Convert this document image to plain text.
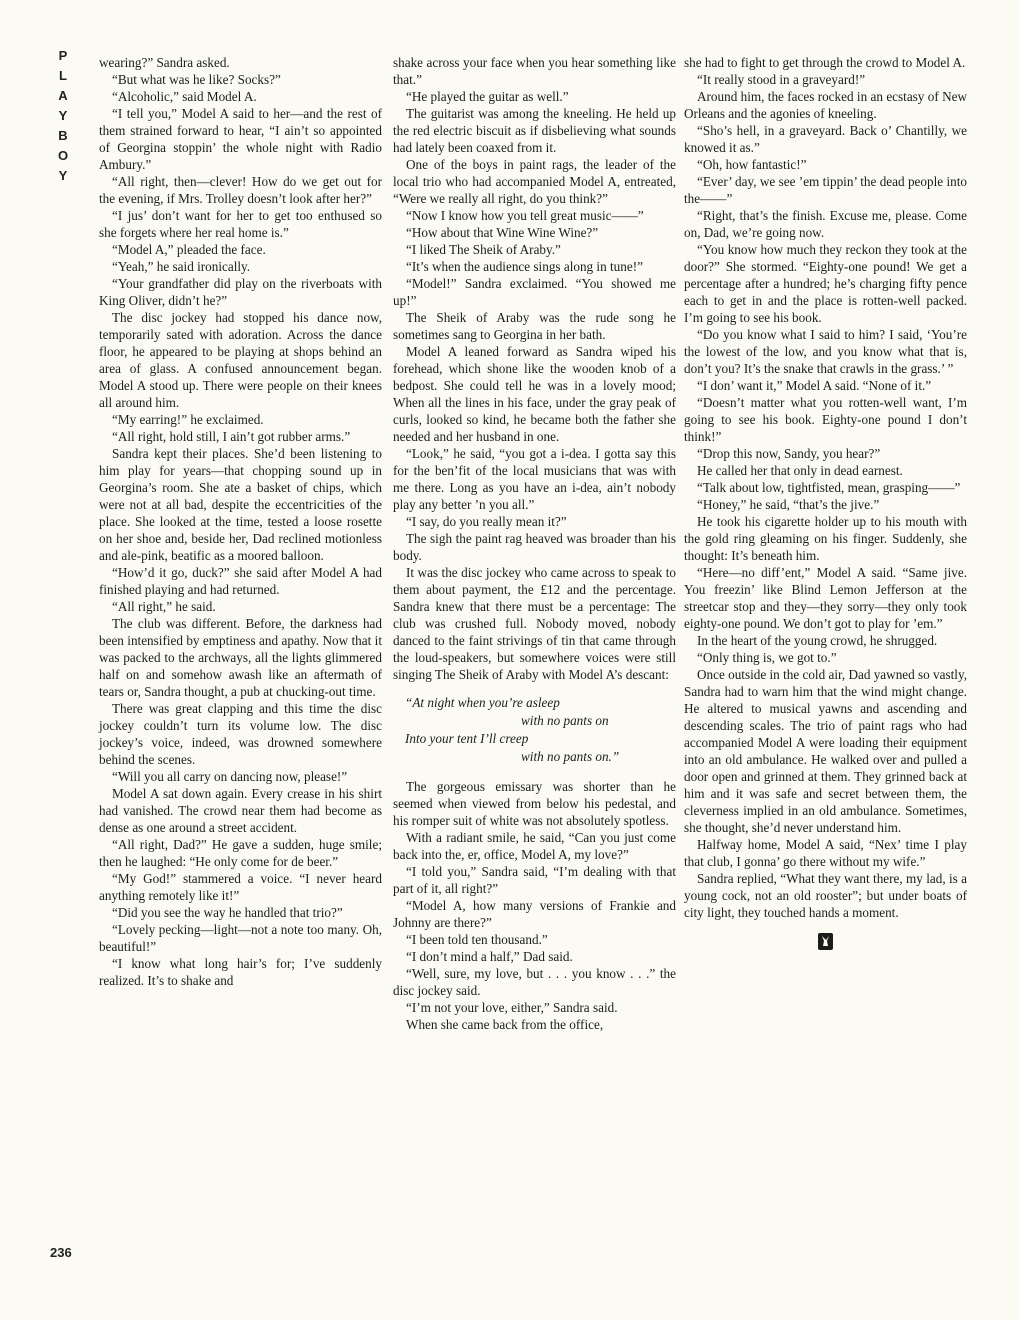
P
L
A
Y
B
O
Y
236

wearing?” Sandra asked.

“But what was he like? Socks?”

“Alcoholic,” said Model A.

“I tell you,” Model A said to her—and the rest of them strained forward to hear, “I ain’t so appointed of Georgina stoppin’ the whole night with Radio Ambury.”

“All right, then—clever! How do we get out for the evening, if Mrs. Trolley doesn’t look after her?”

“I jus’ don’t want for her to get too enthused so she forgets where her real home is.”

“Model A,” pleaded the face.

“Yeah,” he said ironically.

“Your grandfather did play on the riverboats with King Oliver, didn’t he?”

The disc jockey had stopped his dance now, temporarily sated with adoration. Across the dance floor, he appeared to be playing at shops behind an area of glass. A confused announcement began. Model A stood up. There were people on their knees all around him.

“My earring!” he exclaimed.

“All right, hold still, I ain’t got rubber arms.”

Sandra kept their places. She’d been listening to him play for years—that chopping sound up in Georgina’s room. She ate a basket of chips, which were not at all bad, despite the eccentricities of the place. She looked at the time, tested a loose rosette on her shoe and, beside her, Dad reclined motionless and ale-pink, beatific as a moored balloon.

“How’d it go, duck?” she said after Model A had finished playing and had returned.

“All right,” he said.

The club was different. Before, the darkness had been intensified by emptiness and apathy. Now that it was packed to the archways, all the lights glimmered half on and somehow awash like an aftermath of tears or, Sandra thought, a pub at chucking-out time.

There was great clapping and this time the disc jockey couldn’t turn its volume low. The disc jockey’s voice, indeed, was drowned somewhere behind the scenes.

“Will you all carry on dancing now, please!”

Model A sat down again. Every crease in his shirt had vanished. The crowd near them had become as dense as one around a street accident.

“All right, Dad?” He gave a sudden, huge smile; then he laughed: “He only come for de beer.”

“My God!” stammered a voice. “I never heard anything remotely like it!”

“Did you see the way he handled that trio?”

“Lovely pecking—light—not a note too many. Oh, beautiful!”

“I know what long hair’s for; I’ve suddenly realized. It’s to shake and

shake across your face when you hear something like that.”

“He played the guitar as well.”

The guitarist was among the kneeling. He held up the red electric biscuit as if disbelieving what sounds had lately been coaxed from it.

One of the boys in paint rags, the leader of the local trio who had accompanied Model A, entreated, “Were we really all right, do you think?”

“Now I know how you tell great music——”

“How about that Wine Wine Wine?”

“I liked The Sheik of Araby.”

“It’s when the audience sings along in tune!”

“Model!” Sandra exclaimed. “You showed me up!”

The Sheik of Araby was the rude song he sometimes sang to Georgina in her bath.

Model A leaned forward as Sandra wiped his forehead, which shone like the wooden knob of a bedpost. She could tell he was in a lovely mood; When all the lines in his face, under the gray peak of curls, looked so kind, he became both the father she needed and her husband in one.

“Look,” he said, “you got a i-dea. I gotta say this for the ben’fit of the local musicians that was with me there. Long as you have an i-dea, ain’t nobody play any better ’n you all.”

“I say, do you really mean it?”

The sigh the paint rag heaved was broader than his body.

It was the disc jockey who came across to speak to them about payment, the £12 and the percentage. Sandra knew that there must be a percentage: The club was crushed full. Nobody moved, nobody danced to the faint strivings of tin that came through the loud-speakers, but somewhere voices were still singing The Sheik of Araby with Model A’s descant:

“At night when you’re asleep
with no pants on
Into your tent I’ll creep
with no pants on.”

The gorgeous emissary was shorter than he seemed when viewed from below his pedestal, and his romper suit of white was not absolutely spotless.

With a radiant smile, he said, “Can you just come back into the, er, office, Model A, my love?”

“I told you,” Sandra said, “I’m dealing with that part of it, all right?”

“Model A, how many versions of Frankie and Johnny are there?”

“I been told ten thousand.”

“I don’t mind a half,” Dad said.

“Well, sure, my love, but . . . you know . . .” the disc jockey said.

“I’m not your love, either,” Sandra said.

When she came back from the office,

she had to fight to get through the crowd to Model A.

“It really stood in a graveyard!”

Around him, the faces rocked in an ecstasy of New Orleans and the agonies of kneeling.

“Sho’s hell, in a graveyard. Back o’ Chantilly, we knowed it as.”

“Oh, how fantastic!”

“Ever’ day, we see ’em tippin’ the dead people into the——”

“Right, that’s the finish. Excuse me, please. Come on, Dad, we’re going now.

“You know how much they reckon they took at the door?” She stormed. “Eighty-one pound! We get a percentage after a hundred; he’s charging fifty pence each to get in and the place is rotten-well packed. I’m going to see his book.

“Do you know what I said to him? I said, ‘You’re the lowest of the low, and you know what that is, don’t you? It’s the snake that crawls in the grass.’ ”

“I don’ want it,” Model A said. “None of it.”

“Doesn’t matter what you rotten-well want, I’m going to see his book. Eighty-one pound I don’t think!”

“Drop this now, Sandy, you hear?”

He called her that only in dead earnest.

“Talk about low, tightfisted, mean, grasping——”

“Honey,” he said, “that’s the jive.”

He took his cigarette holder up to his mouth with the gold ring gleaming on his finger. Suddenly, she thought: It’s beneath him.

“Here—no diff’ent,” Model A said. “Same jive. You freezin’ like Blind Lemon Jefferson at the streetcar stop and they—they sorry—they only took eighty-one pound. We don’t got to play for ’em.”

In the heart of the young crowd, he shrugged.

“Only thing is, we got to.”

Once outside in the cold air, Dad yawned so vastly, Sandra had to warn him that the wind might change. He altered to musical yawns and ascending and descending scales. The trio of paint rags who had accompanied Model A were loading their equipment into an old ambulance. He walked over and pulled a door open and grinned at them. They grinned back at him and it was safe and secret between them, the cleverness implied in an old ambulance. Sometimes, she thought, she’d never understand him.

Halfway home, Model A said, “Nex’ time I play that club, I gonna’ go there without my wife.”

Sandra replied, “What they want there, my lad, is a young cock, not an old rooster”; but under boats of city light, they touched hands a moment.
